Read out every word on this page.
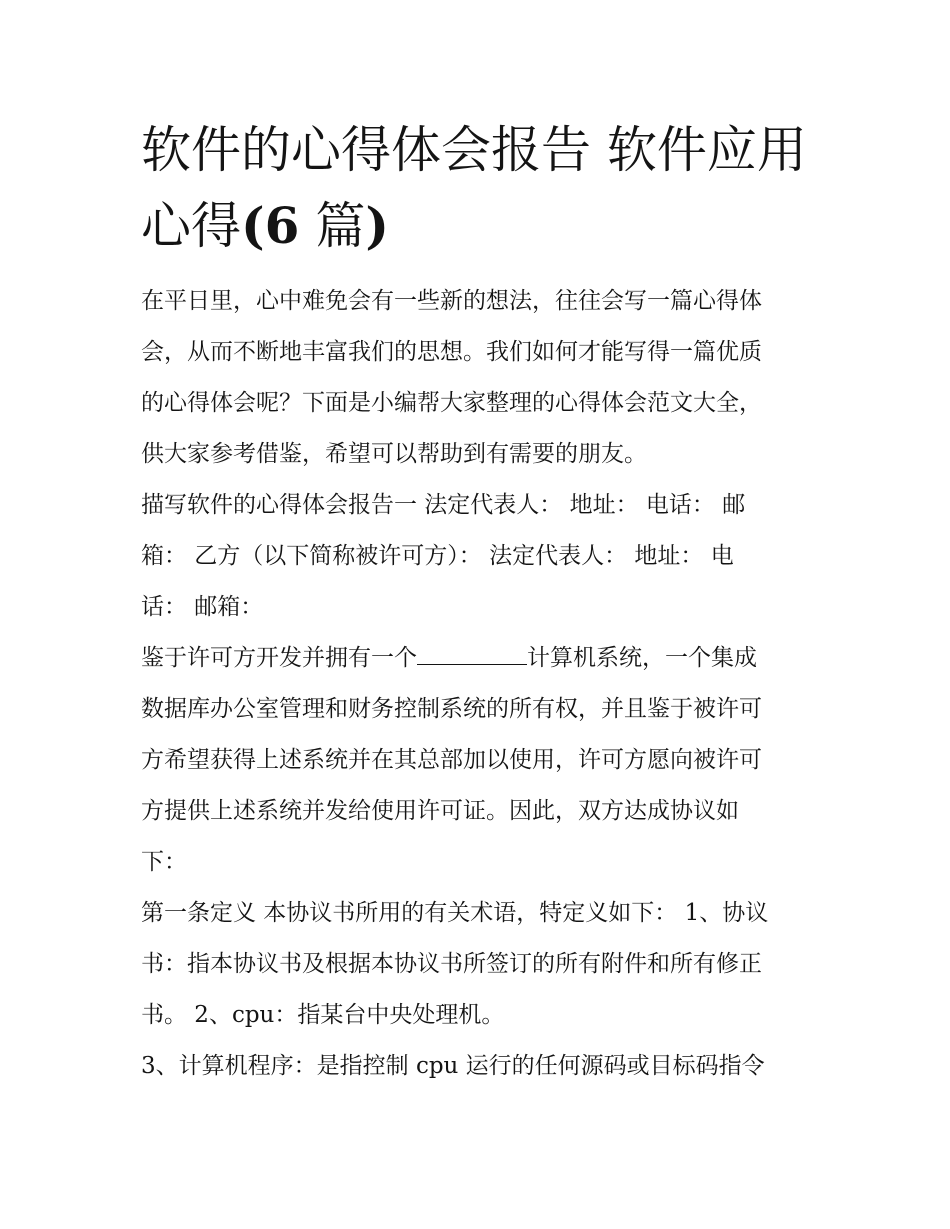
软件的心得体会报告 软件应用
心得(6 篇)
在平日里，心中难免会有一些新的想法，往往会写一篇心得体
会，从而不断地丰富我们的思想。我们如何才能写得一篇优质
的心得体会呢？下面是小编帮大家整理的心得体会范文大全，
供大家参考借鉴，希望可以帮助到有需要的朋友。
描写软件的心得体会报告一 法定代表人： 地址： 电话： 邮
箱： 乙方（以下简称被许可方）： 法定代表人： 地址： 电
话： 邮箱：
鉴于许可方开发并拥有一个	计算机系统，一个集成
数据库办公室管理和财务控制系统的所有权，并且鉴于被许可
方希望获得上述系统并在其总部加以使用，许可方愿向被许可
方提供上述系统并发给使用许可证。因此，双方达成协议如
下：
第一条定义 本协议书所用的有关术语，特定义如下： 1、协议
书：指本协议书及根据本协议书所签订的所有附件和所有修正
书。 2、cpu：指某台中央处理机。
3、计算机程序：是指控制 cpu 运行的任何源码或目标码指令
